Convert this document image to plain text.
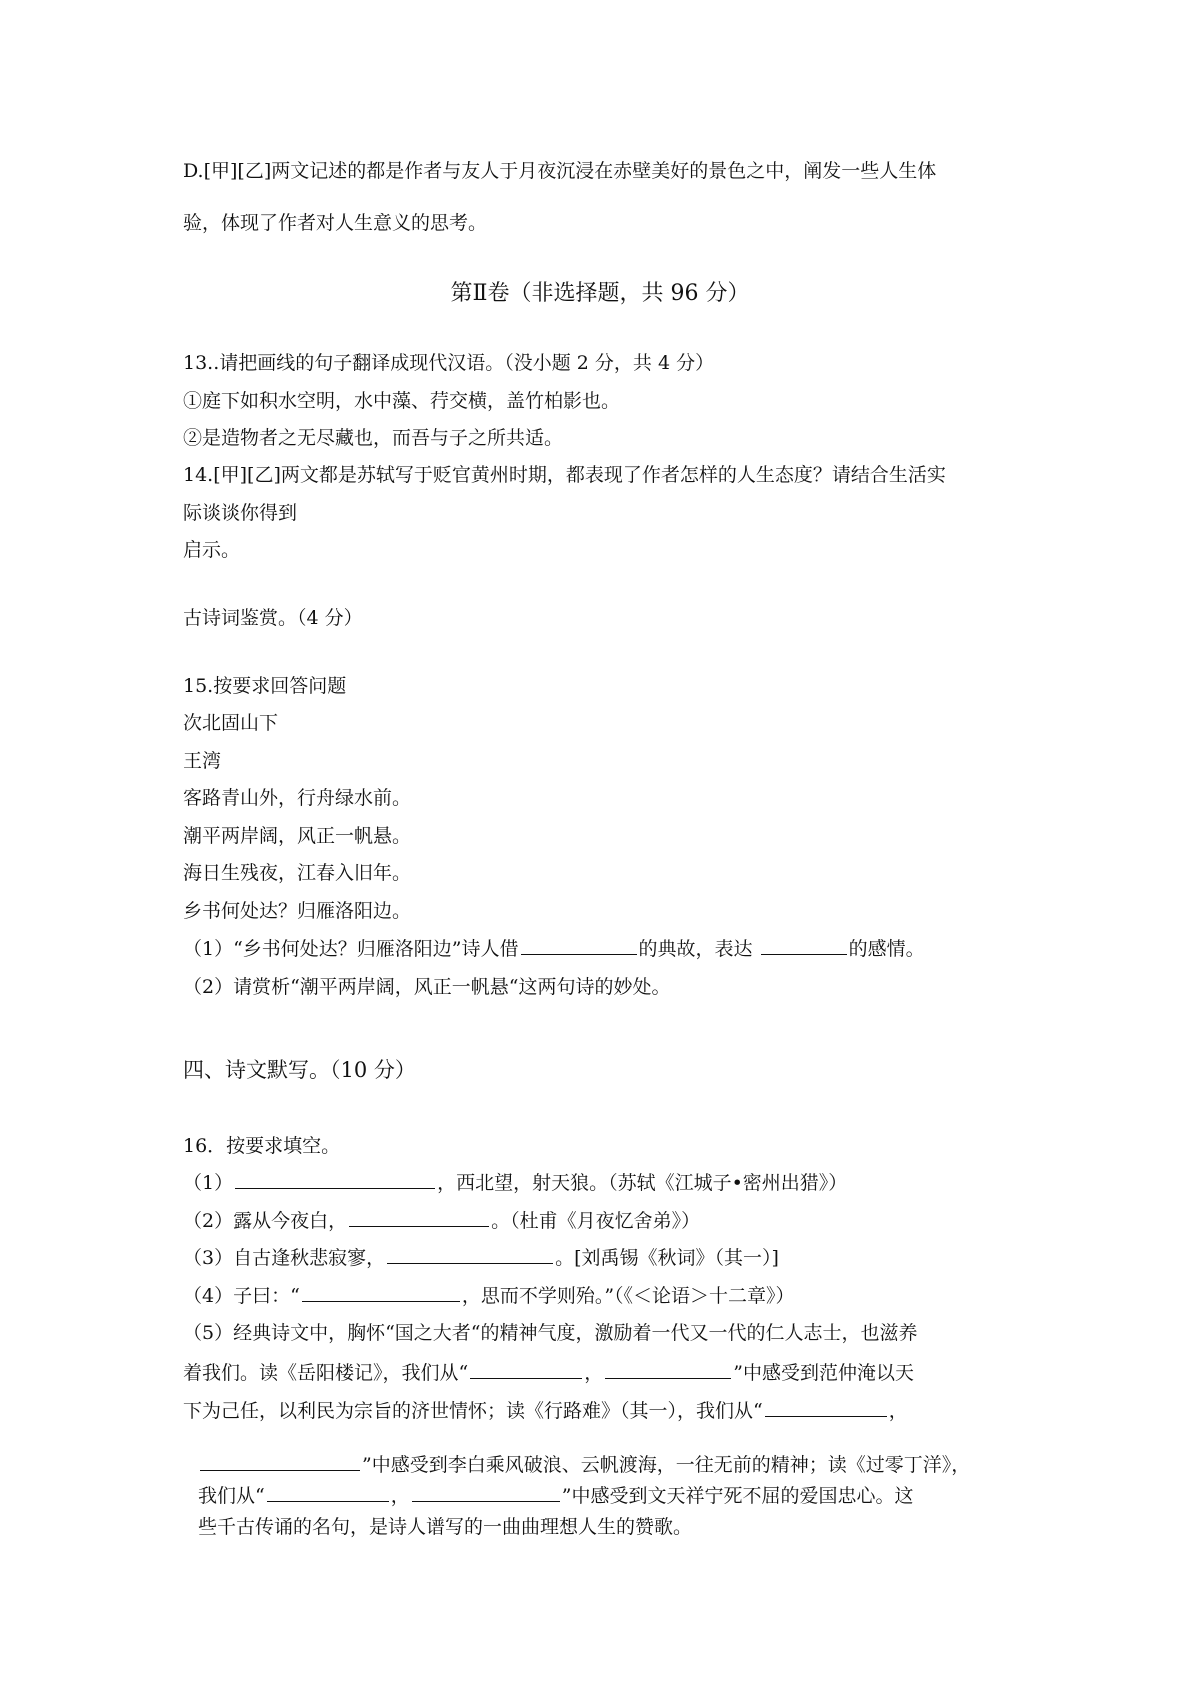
D.[甲][乙]两文记述的都是作者与友人于月夜沉浸在赤壁美好的景色之中，阐发一些人生体
验，体现了作者对人生意义的思考。
第Ⅱ卷（非选择题，共 96 分）
13..请把画线的句子翻译成现代汉语。（没小题 2 分，共 4 分）
①庭下如积水空明，水中藻、荇交横，盖竹柏影也。
②是造物者之无尽藏也，而吾与子之所共适。
14.[甲][乙]两文都是苏轼写于贬官黄州时期，都表现了作者怎样的人生态度？请结合生活实
际谈谈你得到
启示。
古诗词鉴赏。（4 分）
15.按要求回答问题
次北固山下
王湾
客路青山外，行舟绿水前。
潮平两岸阔，风正一帆悬。
海日生残夜，江春入旧年。
乡书何处达？归雁洛阳边。
（1）“乡书何处达？归雁洛阳边”诗人借	的典故，表达	的感情。
（2）请赏析“潮平两岸阔，风正一帆悬“这两句诗的妙处。
四、诗文默写。（10 分）
16．按要求填空。
（1）	，西北望，射天狼。（苏轼《江城子•密州出猎》）
（2）露从今夜白，	。（杜甫《月夜忆舍弟》）
（3）自古逢秋悲寂寥，	。[刘禹锡《秋词》（其一）]
（4）子曰：“	，思而不学则殆。”（《＜论语＞十二章》）
（5）经典诗文中，胸怀“国之大者“的精神气度，激励着一代又一代的仁人志士，也滋养
着我们。读《岳阳楼记》，我们从“	，	”中感受到范仲淹以天
下为己任，以利民为宗旨的济世情怀；读《行路难》（其一），我们从“	，
”中感受到李白乘风破浪、云帆渡海，一往无前的精神；读《过零丁洋》，
我们从“	，	”中感受到文天祥宁死不屈的爱国忠心。这
些千古传诵的名句，是诗人谱写的一曲曲理想人生的赞歌。
